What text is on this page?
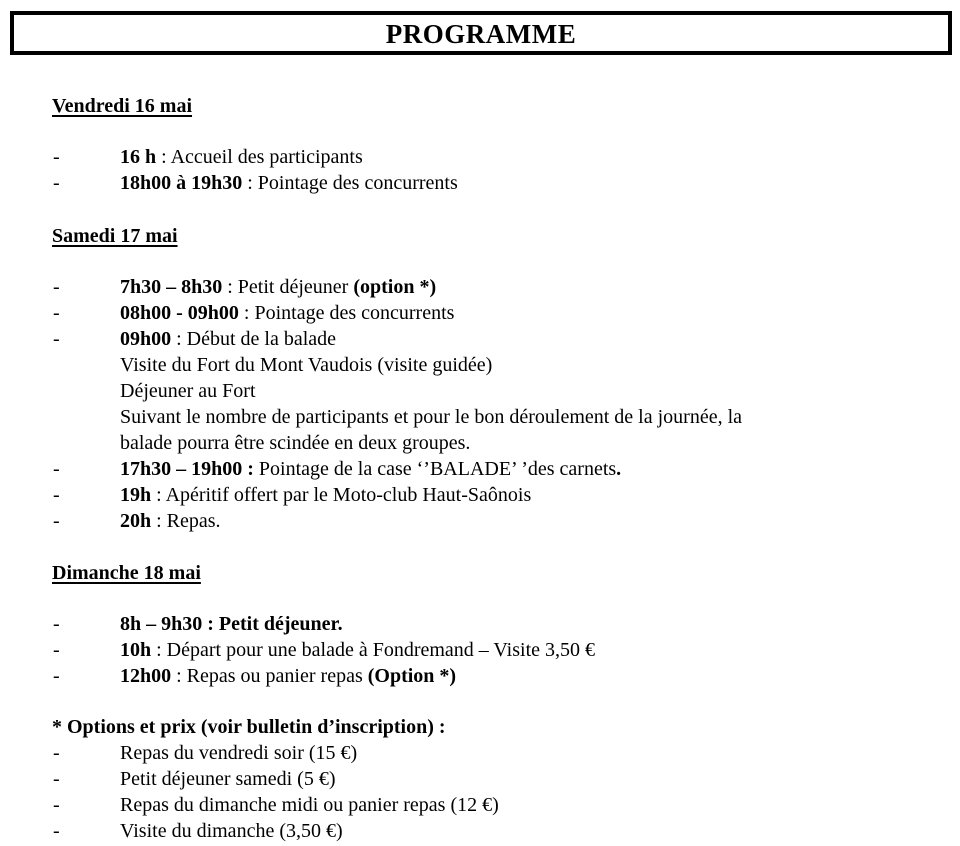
PROGRAMME
Vendredi 16 mai
-	16 h : Accueil des participants
-	18h00 à 19h30 : Pointage des concurrents
Samedi 17 mai
-	7h30 – 8h30 : Petit déjeuner (option *)
-	08h00 - 09h00 : Pointage des concurrents
-	09h00 : Début de la balade
Visite du Fort du Mont Vaudois (visite guidée)
Déjeuner au Fort
Suivant le nombre de participants et pour le bon déroulement de la journée, la
balade pourra être scindée en deux groupes.
-	17h30 – 19h00 : Pointage de la case ‘’BALADE’ ’des carnets.
-	19h : Apéritif offert par le Moto-club Haut-Saônois
-	20h : Repas.
Dimanche 18 mai
-	8h – 9h30 : Petit déjeuner.
-	10h : Départ pour une balade à Fondremand – Visite 3,50 €
-	12h00 : Repas ou panier repas (Option *)
* Options et prix (voir bulletin d’inscription) :
-	Repas du vendredi soir (15 €)
-	Petit déjeuner samedi (5 €)
-	Repas du dimanche midi ou panier repas (12 €)
-	Visite du dimanche (3,50 €)
